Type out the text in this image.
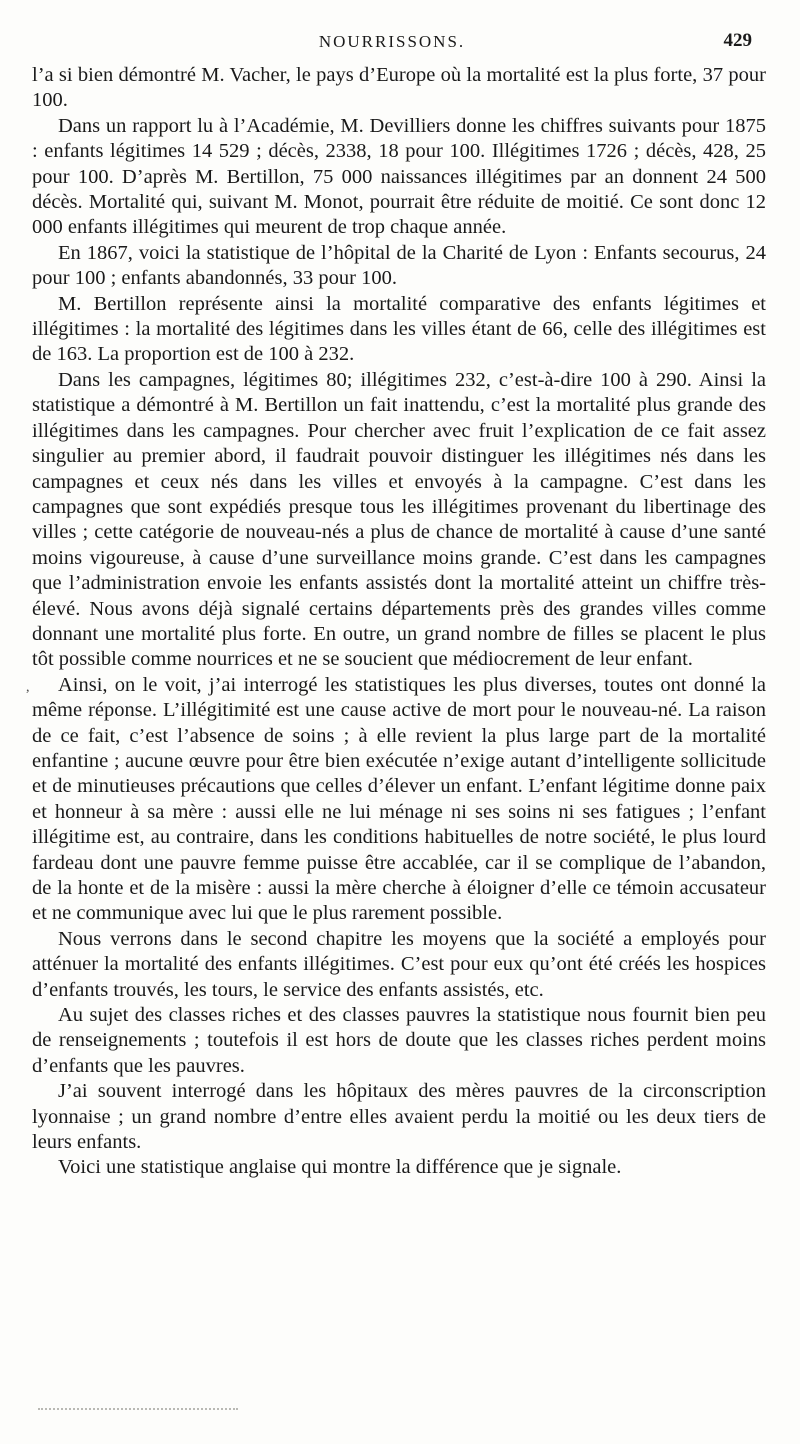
NOURRISSONS.	429

l’a si bien démontré M. Vacher, le pays d’Europe où la mortalité est la plus forte, 37 pour 100.

Dans un rapport lu à l’Académie, M. Devilliers donne les chiffres suivants pour 1875 : enfants légitimes 14 529 ; décès, 2338, 18 pour 100. Illégitimes 1726 ; décès, 428, 25 pour 100. D’après M. Bertillon, 75 000 naissances illégitimes par an donnent 24 500 décès. Mortalité qui, suivant M. Monot, pourrait être réduite de moitié. Ce sont donc 12 000 enfants illégitimes qui meurent de trop chaque année.

En 1867, voici la statistique de l’hôpital de la Charité de Lyon : Enfants secourus, 24 pour 100 ; enfants abandonnés, 33 pour 100.

M. Bertillon représente ainsi la mortalité comparative des enfants légitimes et illégitimes : la mortalité des légitimes dans les villes étant de 66, celle des illégitimes est de 163. La proportion est de 100 à 232.

Dans les campagnes, légitimes 80; illégitimes 232, c’est-à-dire 100 à 290. Ainsi la statistique a démontré à M. Bertillon un fait inattendu, c’est la mortalité plus grande des illégitimes dans les campagnes. Pour chercher avec fruit l’explication de ce fait assez singulier au premier abord, il faudrait pouvoir distinguer les illégitimes nés dans les campagnes et ceux nés dans les villes et envoyés à la campagne. C’est dans les campagnes que sont expédiés presque tous les illégitimes provenant du libertinage des villes ; cette catégorie de nouveau-nés a plus de chance de mortalité à cause d’une santé moins vigoureuse, à cause d’une surveillance moins grande. C’est dans les campagnes que l’administration envoie les enfants assistés dont la mortalité atteint un chiffre très-élevé. Nous avons déjà signalé certains départements près des grandes villes comme donnant une mortalité plus forte. En outre, un grand nombre de filles se placent le plus tôt possible comme nourrices et ne se soucient que médiocrement de leur enfant.

Ainsi, on le voit, j’ai interrogé les statistiques les plus diverses, toutes ont donné la même réponse. L’illégitimité est une cause active de mort pour le nouveau-né. La raison de ce fait, c’est l’absence de soins ; à elle revient la plus large part de la mortalité enfantine ; aucune œuvre pour être bien exécutée n’exige autant d’intelligente sollicitude et de minutieuses précautions que celles d’élever un enfant. L’enfant légitime donne paix et honneur à sa mère : aussi elle ne lui ménage ni ses soins ni ses fatigues ; l’enfant illégitime est, au contraire, dans les conditions habituelles de notre société, le plus lourd fardeau dont une pauvre femme puisse être accablée, car il se complique de l’abandon, de la honte et de la misère : aussi la mère cherche à éloigner d’elle ce témoin accusateur et ne communique avec lui que le plus rarement possible.

Nous verrons dans le second chapitre les moyens que la société a employés pour atténuer la mortalité des enfants illégitimes. C’est pour eux qu’ont été créés les hospices d’enfants trouvés, les tours, le service des enfants assistés, etc.

Au sujet des classes riches et des classes pauvres la statistique nous fournit bien peu de renseignements ; toutefois il est hors de doute que les classes riches perdent moins d’enfants que les pauvres.

J’ai souvent interrogé dans les hôpitaux des mères pauvres de la circonscription lyonnaise ; un grand nombre d’entre elles avaient perdu la moitié ou les deux tiers de leurs enfants.

Voici une statistique anglaise qui montre la différence que je signale.

,
